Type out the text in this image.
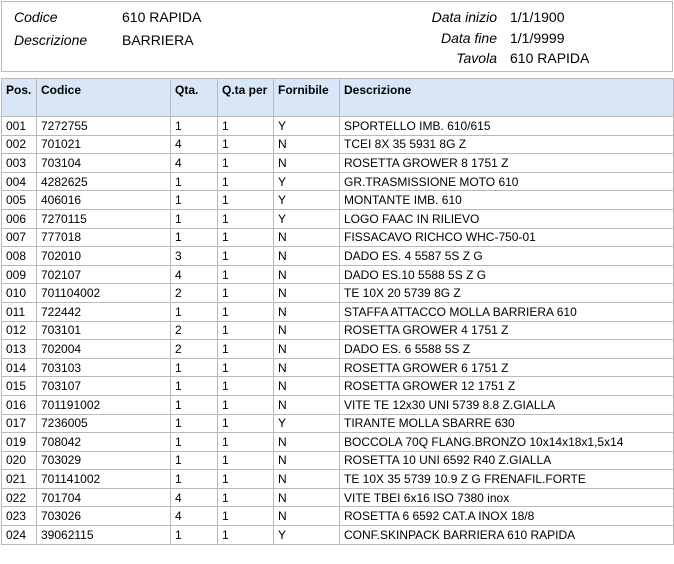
Codice	610 RAPIDA
Descrizione BARRIERA
Data inizio 1/1/1900
Data fine 1/1/9999
Tavola 610 RAPIDA
Pos.	Codice	Qta.	Q.ta per	Fornibile	Descrizione
001	7272755	1	1	Y	SPORTELLO IMB. 610/615
002	701021	4	1	N	TCEI 8X 35 5931 8G Z
003	703104	4	1	N	ROSETTA GROWER 8 1751 Z
004	4282625	1	1	Y	GR.TRASMISSIONE MOTO 610
005	406016	1	1	Y	MONTANTE IMB. 610
006	7270115	1	1	Y	LOGO FAAC IN RILIEVO
007	777018	1	1	N	FISSACAVO RICHCO WHC-750-01
008	702010	3	1	N	DADO ES. 4 5587 5S Z G
009	702107	4	1	N	DADO ES.10 5588 5S Z G
010	701104002	2	1	N	TE 10X 20 5739 8G Z
011	722442	1	1	N	STAFFA ATTACCO MOLLA BARRIERA 610
012	703101	2	1	N	ROSETTA GROWER 4 1751 Z
013	702004	2	1	N	DADO ES. 6 5588 5S Z
014	703103	1	1	N	ROSETTA GROWER 6 1751 Z
015	703107	1	1	N	ROSETTA GROWER 12 1751 Z
016	701191002	1	1	N	VITE TE 12x30 UNI 5739 8.8 Z.GIALLA
017	7236005	1	1	Y	TIRANTE MOLLA SBARRE 630
019	708042	1	1	N	BOCCOLA 70Q FLANG.BRONZO 10x14x18x1,5x14
020	703029	1	1	N	ROSETTA 10 UNI 6592 R40 Z.GIALLA
021	701141002	1	1	N	TE 10X 35 5739 10.9 Z G FRENAFIL.FORTE
022	701704	4	1	N	VITE TBEI 6x16 ISO 7380 inox
023	703026	4	1	N	ROSETTA 6 6592 CAT.A INOX 18/8
024	39062115	1	1	Y	CONF.SKINPACK BARRIERA 610 RAPIDA
